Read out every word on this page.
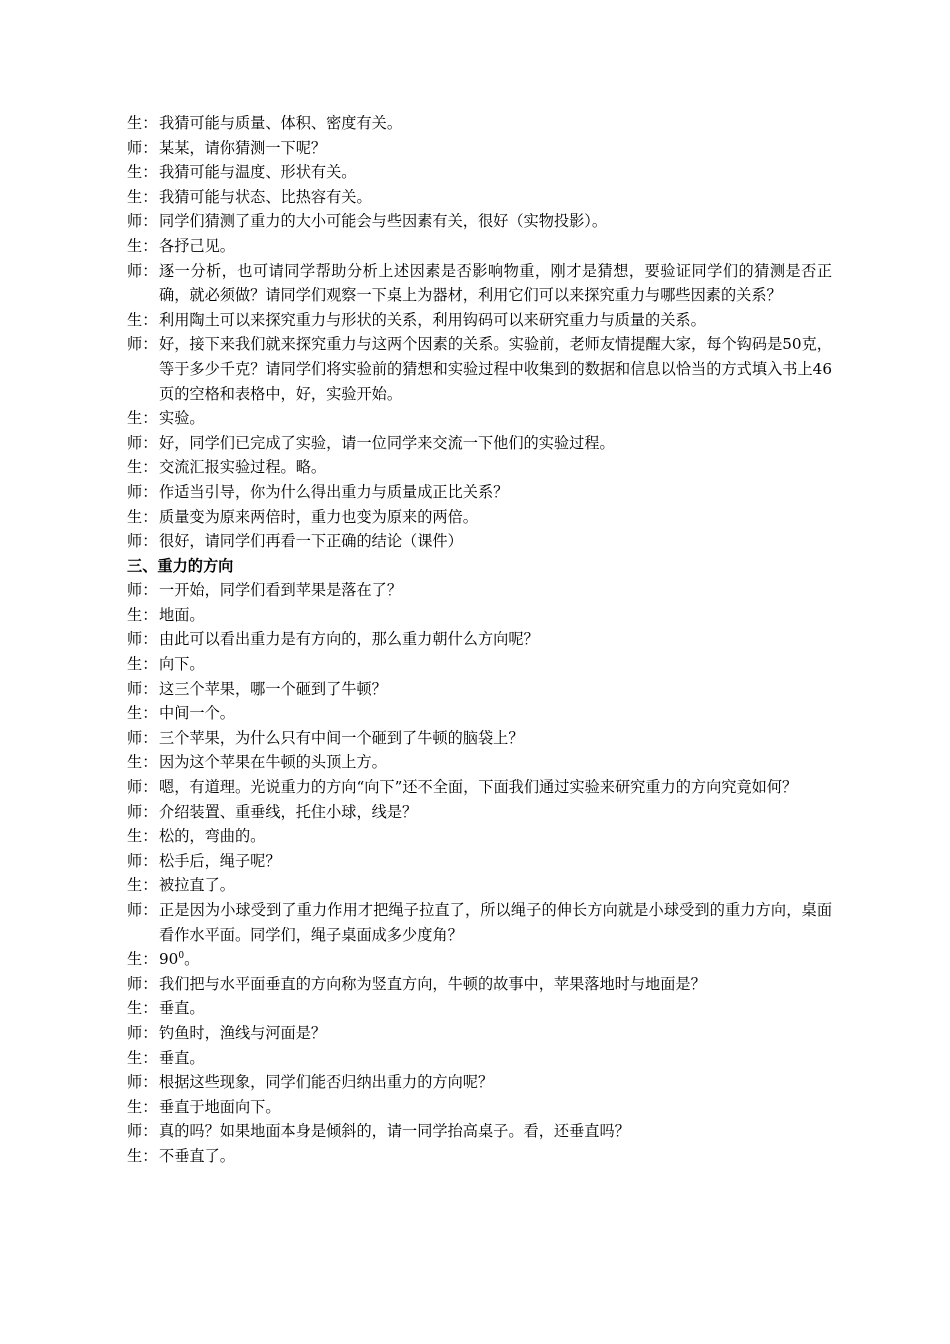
生： 我猜可能与质量、体积、密度有关。
师： 某某，请你猜测一下呢？
生： 我猜可能与温度、形状有关。
生： 我猜可能与状态、比热容有关。
师： 同学们猜测了重力的大小可能会与些因素有关，很好（实物投影）。
生： 各抒己见。
师： 逐一分析，也可请同学帮助分析上述因素是否影响物重，刚才是猜想，要验证同学们的猜测是否正确，就必须做？请同学们观察一下桌上为器材，利用它们可以来探究重力与哪些因素的关系？
生： 利用陶土可以来探究重力与形状的关系，利用钩码可以来研究重力与质量的关系。
师： 好，接下来我们就来探究重力与这两个因素的关系。实验前，老师友情提醒大家，每个钩码是50克，等于多少千克？请同学们将实验前的猜想和实验过程中收集到的数据和信息以恰当的方式填入书上46页的空格和表格中，好，实验开始。
生： 实验。
师： 好，同学们已完成了实验，请一位同学来交流一下他们的实验过程。
生： 交流汇报实验过程。略。
师： 作适当引导，你为什么得出重力与质量成正比关系？
生： 质量变为原来两倍时，重力也变为原来的两倍。
师： 很好，请同学们再看一下正确的结论（课件）
三、重力的方向
师： 一开始，同学们看到苹果是落在了？
生： 地面。
师： 由此可以看出重力是有方向的，那么重力朝什么方向呢？
生： 向下。
师： 这三个苹果，哪一个砸到了牛顿？
生： 中间一个。
师： 三个苹果，为什么只有中间一个砸到了牛顿的脑袋上？
生： 因为这个苹果在牛顿的头顶上方。
师： 嗯，有道理。光说重力的方向“向下”还不全面，下面我们通过实验来研究重力的方向究竟如何？
师： 介绍装置、重垂线，托住小球，线是？
生： 松的，弯曲的。
师： 松手后，绳子呢？
生： 被拉直了。
师： 正是因为小球受到了重力作用才把绳子拉直了，所以绳子的伸长方向就是小球受到的重力方向，桌面看作水平面。同学们，绳子桌面成多少度角？
生： $90^0$。
师： 我们把与水平面垂直的方向称为竖直方向，牛顿的故事中，苹果落地时与地面是？
生： 垂直。
师： 钓鱼时，渔线与河面是？
生： 垂直。
师： 根据这些现象，同学们能否归纳出重力的方向呢？
生： 垂直于地面向下。
师： 真的吗？如果地面本身是倾斜的，请一同学抬高桌子。看，还垂直吗？
生： 不垂直了。
